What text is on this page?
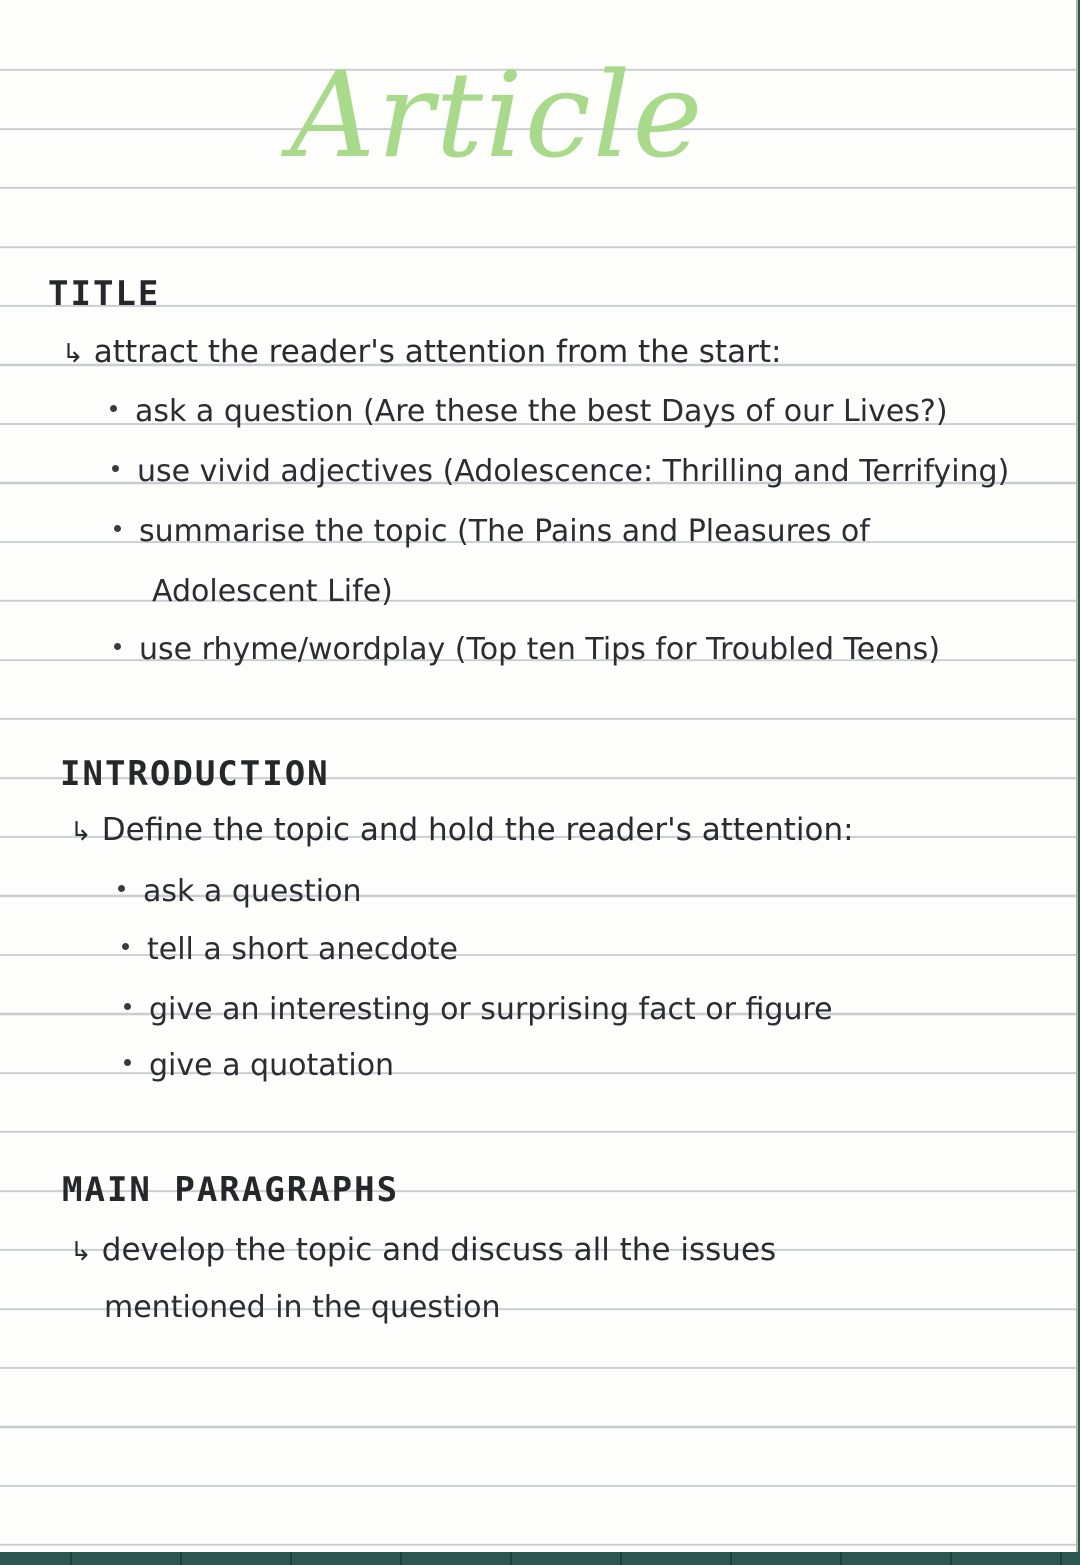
Article
TITLE

↳ attract the reader's attention from the start:

ask a question (Are these the best Days of our Lives?)
use vivid adjectives (Adolescence: Thrilling and Terrifying)
summarise the topic (The Pains and Pleasures of
use rhyme/wordplay (Top ten Tips for Troubled Teens)

Adolescent Life)

INTRODUCTION

↳ Define the topic and hold the reader's attention:

ask a question
tell a short anecdote
give an interesting or surprising fact or figure
give a quotation
MAIN PARAGRAPHS

↳ develop the topic and discuss all the issues

mentioned in the question
